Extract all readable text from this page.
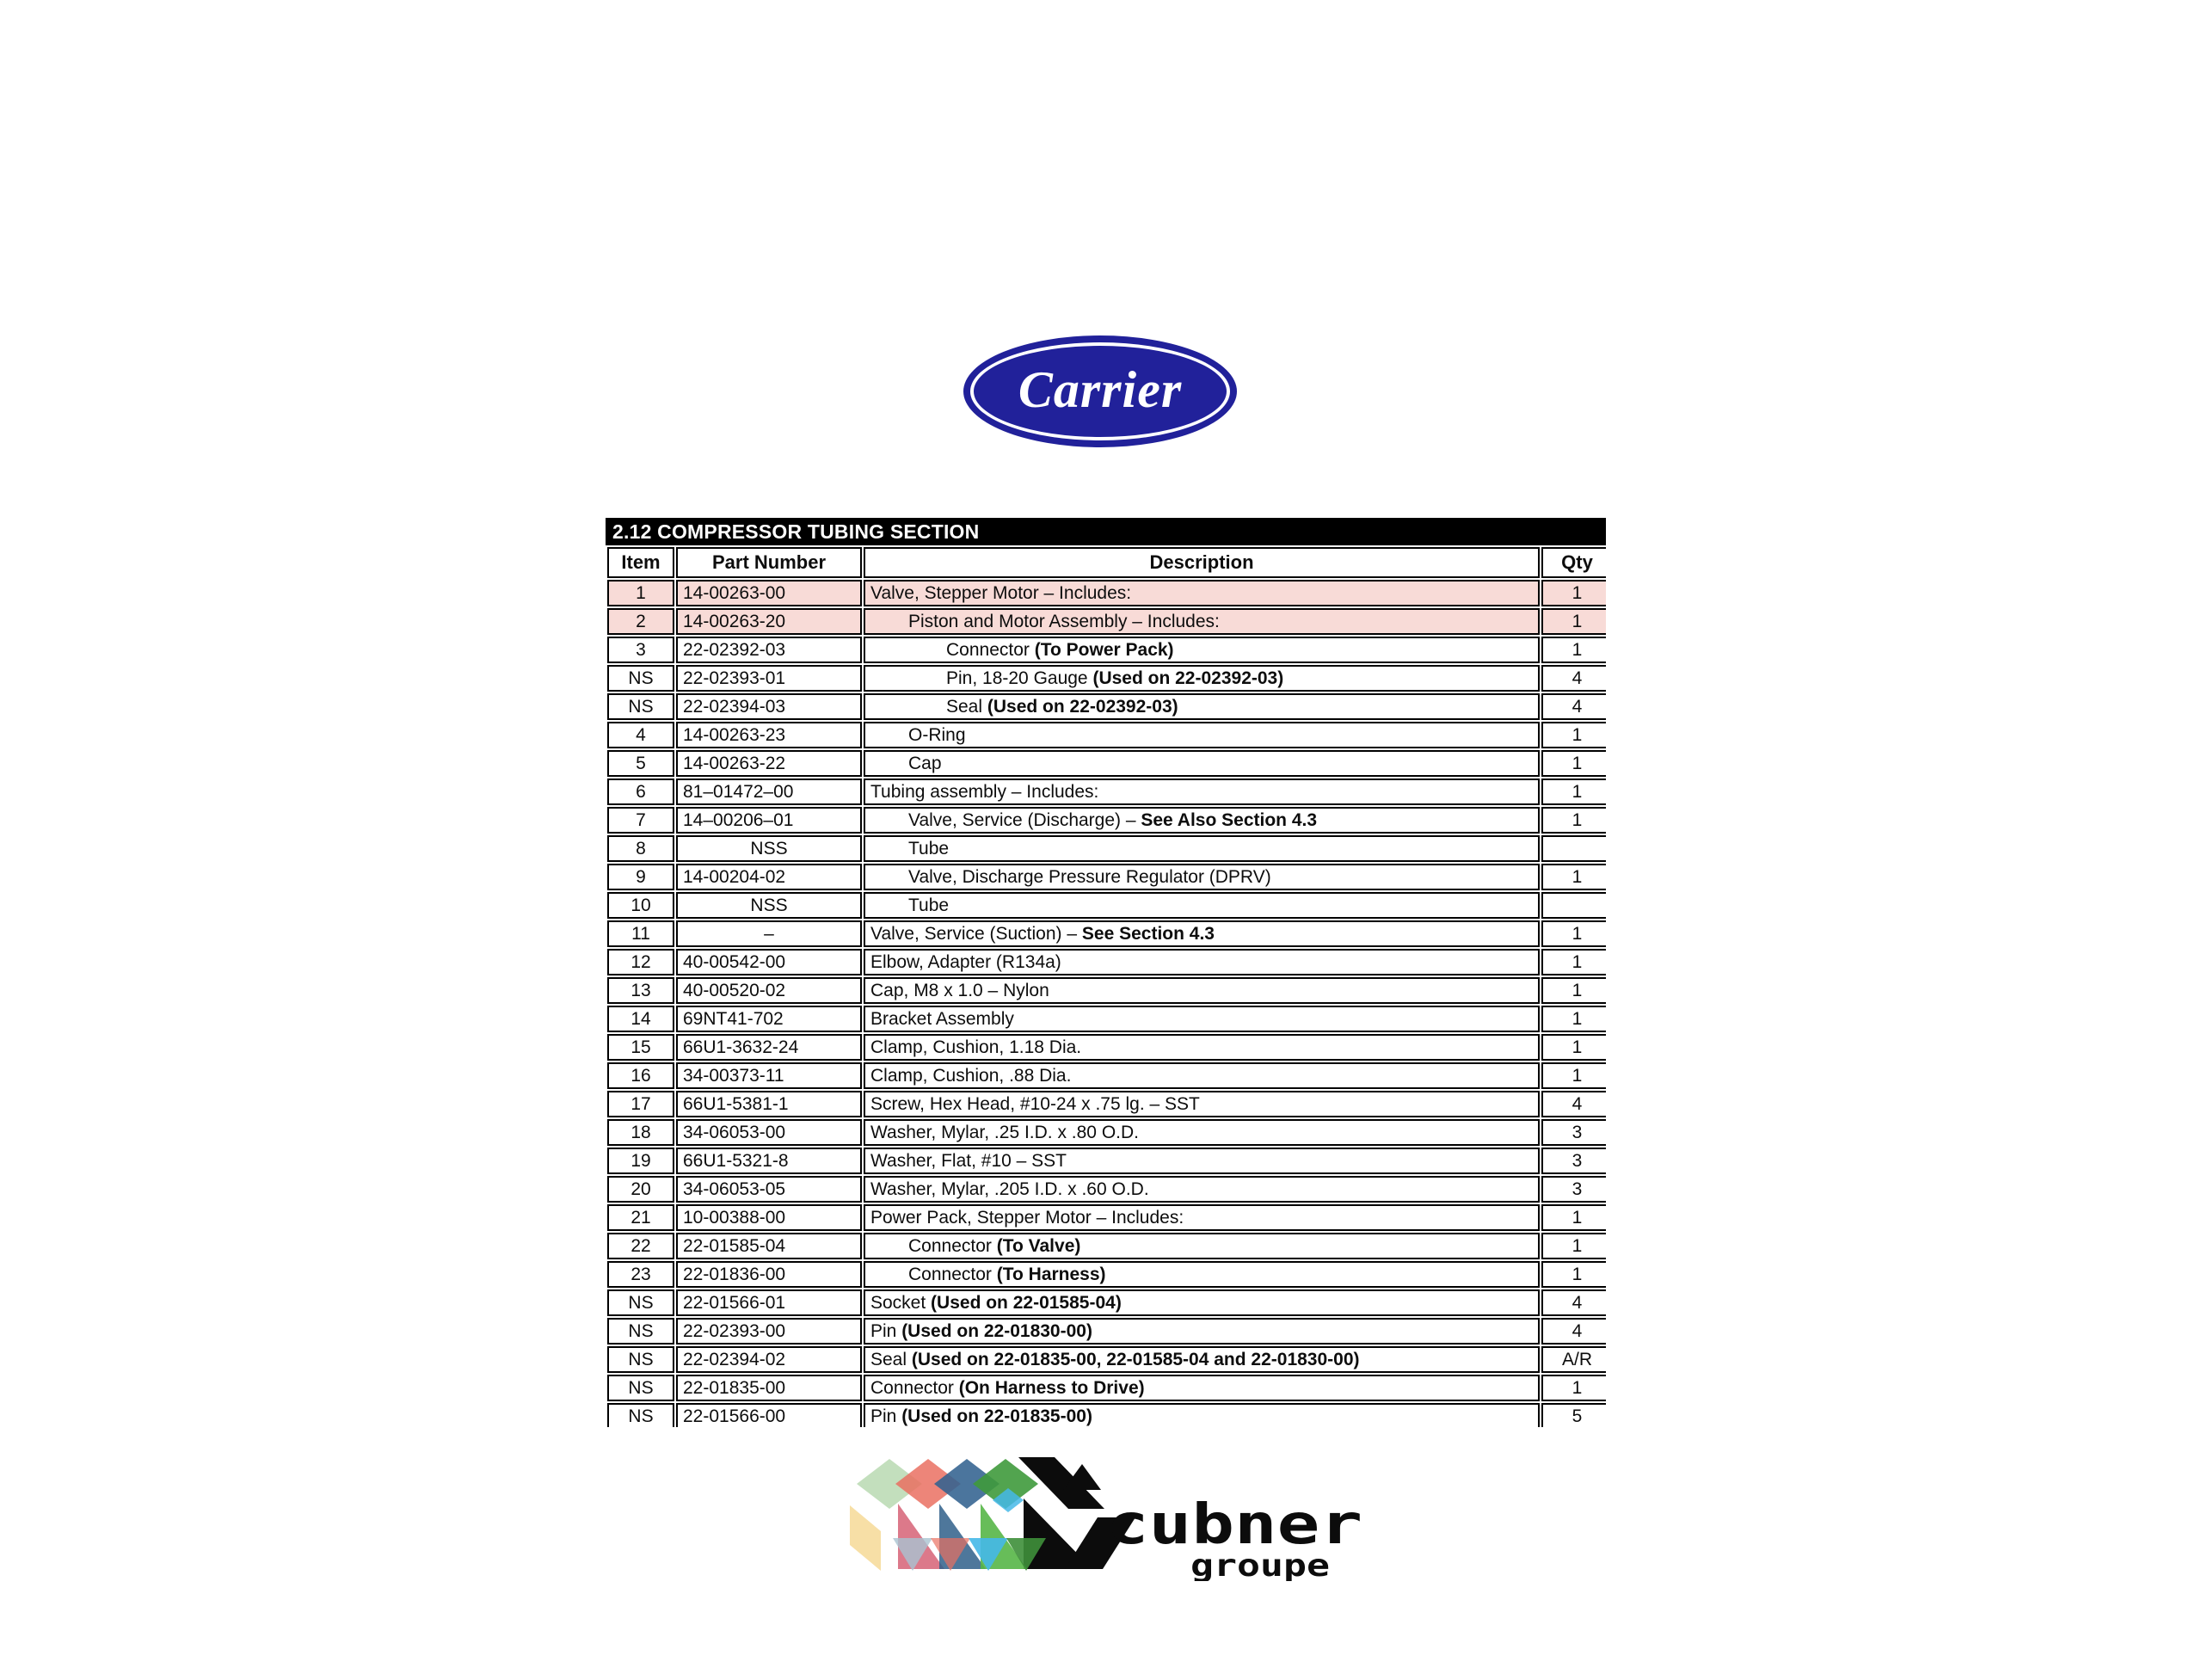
Carrier
2.12 COMPRESSOR TUBING SECTION
Item	Part Number	Description	Qty
1	14-00263-00	Valve, Stepper Motor – Includes:	1
2	14-00263-20	Piston and Motor Assembly – Includes:	1
3	22-02392-03	Connector (To Power Pack)	1
NS	22-02393-01	Pin, 18-20 Gauge (Used on 22-02392-03)	4
NS	22-02394-03	Seal (Used on 22-02392-03)	4
4	14-00263-23	O-Ring	1
5	14-00263-22	Cap	1
6	81–01472–00	Tubing assembly – Includes:	1
7	14–00206–01	Valve, Service (Discharge) – See Also Section 4.3	1
8	NSS	Tube	
9	14-00204-02	Valve, Discharge Pressure Regulator (DPRV)	1
10	NSS	Tube	
11	–	Valve, Service (Suction) – See Section 4.3	1
12	40-00542-00	Elbow, Adapter (R134a)	1
13	40-00520-02	Cap, M8 x 1.0 – Nylon	1
14	69NT41-702	Bracket Assembly	1
15	66U1-3632-24	Clamp, Cushion, 1.18 Dia.	1
16	34-00373-11	Clamp, Cushion, .88 Dia.	1
17	66U1-5381-1	Screw, Hex Head, #10-24 x .75 lg. – SST	4
18	34-06053-00	Washer, Mylar, .25 I.D. x .80 O.D.	3
19	66U1-5321-8	Washer, Flat, #10 – SST	3
20	34-06053-05	Washer, Mylar, .205 I.D. x .60 O.D.	3
21	10-00388-00	Power Pack, Stepper Motor – Includes:	1
22	22-01585-04	Connector (To Valve)	1
23	22-01836-00	Connector (To Harness)	1
NS	22-01566-01	Socket (Used on 22-01585-04)	4
NS	22-02393-00	Pin (Used on 22-01830-00)	4
NS	22-02394-02	Seal (Used on 22-01835-00, 22-01585-04 and 22-01830-00)	A/R
NS	22-01835-00	Connector (On Harness to Drive)	1
NS	22-01566-00	Pin (Used on 22-01835-00)	5
cubner
groupe
